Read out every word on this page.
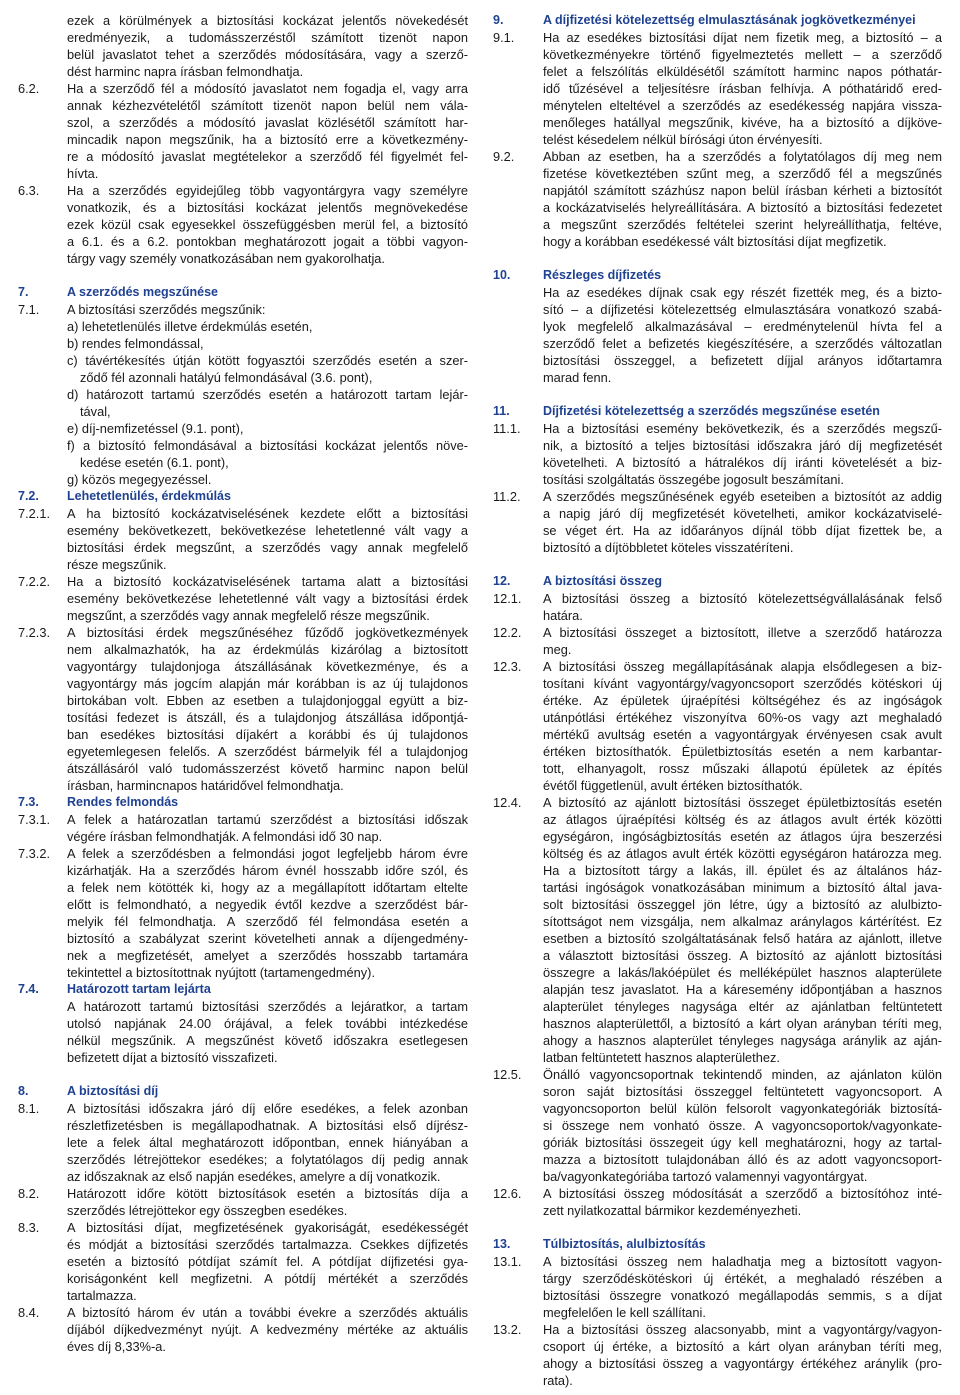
ezek a körülmények a biztosítási kockázat jelentős növekedését
eredményezik, a tudomásszerzéstől számított tizenöt napon
belül javaslatot tehet a szerződés módosítására, vagy a szerző-
dést harminc napra írásban felmondhatja.
6.2.	Ha a szerződő fél a módosító javaslatot nem fogadja el, vagy arra
annak kézhezvételétől számított tizenöt napon belül nem vála-
szol, a szerződés a módosító javaslat közlésétől számított har-
mincadik napon megszűnik, ha a biztosító erre a következmény-
re a módosító javaslat megtételekor a szerződő fél figyelmét fel-
hívta.
6.3.	Ha a szerződés egyidejűleg több vagyontárgyra vagy személyre
vonatkozik, és a biztosítási kockázat jelentős megnövekedése
ezek közül csak egyesekkel összefüggésben merül fel, a biztosító
a 6.1. és a 6.2. pontokban meghatározott jogait a többi vagyon-
tárgy vagy személy vonatkozásában nem gyakorolhatja.
7.	A szerződés megszűnése
7.1.	A biztosítási szerződés megszűnik:
a) lehetetlenülés illetve érdekmúlás esetén,
b) rendes felmondással,
c) távértékesítés útján kötött fogyasztói szerződés esetén a szer-
ződő fél azonnali hatályú felmondásával (3.6. pont),
d) határozott tartamú szerződés esetén a határozott tartam lejár-
tával,
e) díj-nemfizetéssel (9.1. pont),
f) a biztosító felmondásával a biztosítási kockázat jelentős növe-
kedése esetén (6.1. pont),
g) közös megegyezéssel.
7.2.	Lehetetlenülés, érdekmúlás
7.2.1.	A ha biztosító kockázatviselésének kezdete előtt a biztosítási
esemény bekövetkezett, bekövetkezése lehetetlenné vált vagy a
biztosítási érdek megszűnt, a szerződés vagy annak megfelelő
része megszűnik.
7.2.2.	Ha a biztosító kockázatviselésének tartama alatt a biztosítási
esemény bekövetkezése lehetetlenné vált vagy a biztosítási érdek
megszűnt, a szerződés vagy annak megfelelő része megszűnik.
7.2.3.	A biztosítási érdek megszűnéséhez fűződő jogkövetkezmények
nem alkalmazhatók, ha az érdekmúlás kizárólag a biztosított
vagyontárgy tulajdonjoga átszállásának következménye, és a
vagyontárgy más jogcím alapján már korábban is az új tulajdonos
birtokában volt. Ebben az esetben a tulajdonjoggal együtt a biz-
tosítási fedezet is átszáll, és a tulajdonjog átszállása időpontjá-
ban esedékes biztosítási díjakért a korábbi és új tulajdonos
egyetemlegesen felelős. A szerződést bármelyik fél a tulajdonjog
átszállásáról való tudomásszerzést követő harminc napon belül
írásban, harmincnapos határidővel felmondhatja.
7.3.	Rendes felmondás
7.3.1.	A felek a határozatlan tartamú szerződést a biztosítási időszak
végére írásban felmondhatják. A felmondási idő 30 nap.
7.3.2.	A felek a szerződésben a felmondási jogot legfeljebb három évre
kizárhatják. Ha a szerződés három évnél hosszabb időre szól, és
a felek nem kötötték ki, hogy az a megállapított időtartam eltelte
előtt is felmondható, a negyedik évtől kezdve a szerződést bár-
melyik fél felmondhatja. A szerződő fél felmondása esetén a
biztosító a szabályzat szerint követelheti annak a díjengedmény-
nek a megfizetését, amelyet a szerződés hosszabb tartamára
tekintettel a biztosítottnak nyújtott (tartamengedmény).
7.4.	Határozott tartam lejárta
A határozott tartamú biztosítási szerződés a lejáratkor, a tartam
utolsó napjának 24.00 órájával, a felek további intézkedése
nélkül megszűnik. A megszűnést követő időszakra esetlegesen
befizetett díjat a biztosító visszafizeti.
8.	A biztosítási díj
8.1.	A biztosítási időszakra járó díj előre esedékes, a felek azonban
részletfizetésben is megállapodhatnak. A biztosítási első díjrész-
lete a felek által meghatározott időpontban, ennek hiányában a
szerződés létrejöttekor esedékes; a folytatólagos díj pedig annak
az időszaknak az első napján esedékes, amelyre a díj vonatkozik.
8.2.	Határozott időre kötött biztosítások esetén a biztosítás díja a
szerződés létrejöttekor egy összegben esedékes.
8.3.	A biztosítási díjat, megfizetésének gyakoriságát, esedékességét
és módját a biztosítási szerződés tartalmazza. Csekkes díjfizetés
esetén a biztosító pótdíjat számít fel. A pótdíjat díjfizetési gya-
koriságonként kell megfizetni. A pótdíj mértékét a szerződés
tartalmazza.
8.4.	A biztosító három év után a további évekre a szerződés aktuális
díjából díjkedvezményt nyújt. A kedvezmény mértéke az aktuális
éves díj 8,33%-a.
9.	A díjfizetési kötelezettség elmulasztásának jogkövetkezményei
9.1.	Ha az esedékes biztosítási díjat nem fizetik meg, a biztosító – a
következményekre történő figyelmeztetés mellett – a szerződő
felet a felszólítás elküldésétől számított harminc napos póthatár-
idő tűzésével a teljesítésre írásban felhívja. A póthatáridő ered-
ménytelen elteltével a szerződés az esedékesség napjára vissza-
menőleges hatállyal megszűnik, kivéve, ha a biztosító a díjköve-
telést késedelem nélkül bírósági úton érvényesíti.
9.2.	Abban az esetben, ha a szerződés a folytatólagos díj meg nem
fizetése következtében szűnt meg, a szerződő fél a megszűnés
napjától számított százhúsz napon belül írásban kérheti a biztosítót
a kockázatviselés helyreállítására. A biztosító a biztosítási fedezetet
a megszűnt szerződés feltételei szerint helyreállíthatja, feltéve,
hogy a korábban esedékessé vált biztosítási díjat megfizetik.
10.	Részleges díjfizetés
Ha az esedékes díjnak csak egy részét fizették meg, és a bizto-
sító – a díjfizetési kötelezettség elmulasztására vonatkozó szabá-
lyok megfelelő alkalmazásával – eredménytelenül hívta fel a
szerződő felet a befizetés kiegészítésére, a szerződés változatlan
biztosítási összeggel, a befizetett díjjal arányos időtartamra
marad fenn.
11.	Díjfizetési kötelezettség a szerződés megszűnése esetén
11.1.	Ha a biztosítási esemény bekövetkezik, és a szerződés megszű-
nik, a biztosító a teljes biztosítási időszakra járó díj megfizetését
követelheti. A biztosító a hátralékos díj iránti követelését a biz-
tosítási szolgáltatás összegébe jogosult beszámítani.
11.2.	A szerződés megszűnésének egyéb eseteiben a biztosítót az addig
a napig járó díj megfizetését követelheti, amikor kockázatviselé-
se véget ért. Ha az időarányos díjnál több díjat fizettek be, a
biztosító a díjtöbbletet köteles visszatéríteni.
12.	A biztosítási összeg
12.1.	A biztosítási összeg a biztosító kötelezettségvállalásának felső
határa.
12.2.	A biztosítási összeget a biztosított, illetve a szerződő határozza
meg.
12.3.	A biztosítási összeg megállapításának alapja elsődlegesen a biz-
tosítani kívánt vagyontárgy/vagyoncsoport szerződés kötéskori új
értéke. Az épületek újraépítési költségéhez és az ingóságok
utánpótlási értékéhez viszonyítva 60%-os vagy azt meghaladó
mértékű avultság esetén a vagyontárgyak érvényesen csak avult
értéken biztosíthatók. Épületbiztosítás esetén a nem karbantar-
tott, elhanyagolt, rossz műszaki állapotú épületek az építés
évétől függetlenül, avult értéken biztosíthatók.
12.4.	A biztosító az ajánlott biztosítási összeget épületbiztosítás esetén
az átlagos újraépítési költség és az átlagos avult érték közötti
egységáron, ingóságbiztosítás esetén az átlagos újra beszerzési
költség és az átlagos avult érték közötti egységáron határozza meg.
Ha a biztosított tárgy a lakás, ill. épület és az általános ház-
tartási ingóságok vonatkozásában minimum a biztosító által java-
solt biztosítási összeggel jön létre, úgy a biztosító az alulbizto-
sítottságot nem vizsgálja, nem alkalmaz aránylagos kártérítést. Ez
esetben a biztosító szolgáltatásának felső határa az ajánlott, illetve
a választott biztosítási összeg. A biztosító az ajánlott biztosítási
összegre a lakás/lakóépület és melléképület hasznos alapterülete
alapján tesz javaslatot. Ha a káresemény időpontjában a hasznos
alapterület tényleges nagysága eltér az ajánlatban feltüntetett
hasznos alapterülettől, a biztosító a kárt olyan arányban téríti meg,
ahogy a hasznos alapterület tényleges nagysága aránylik az aján-
latban feltüntetett hasznos alapterülethez.
12.5.	Önálló vagyoncsoportnak tekintendő minden, az ajánlaton külön
soron saját biztosítási összeggel feltüntetett vagyoncsoport. A
vagyoncsoporton belül külön felsorolt vagyonkategóriák biztosítá-
si összege nem vonható össze. A vagyoncsoportok/vagyonkate-
góriák biztosítási összegeit úgy kell meghatározni, hogy az tartal-
mazza a biztosított tulajdonában álló és az adott vagyoncsoport-
ba/vagyonkategóriába tartozó valamennyi vagyontárgyat.
12.6.	A biztosítási összeg módosítását a szerződő a biztosítóhoz inté-
zett nyilatkozattal bármikor kezdeményezheti.
13.	Túlbiztosítás, alulbiztosítás
13.1.	A biztosítási összeg nem haladhatja meg a biztosított vagyon-
tárgy szerződéskötéskori új értékét, a meghaladó részében a
biztosítási összegre vonatkozó megállapodás semmis, s a díjat
megfelelően le kell szállítani.
13.2.	Ha a biztosítási összeg alacsonyabb, mint a vagyontárgy/vagyon-
csoport új értéke, a biztosító a kárt olyan arányban téríti meg,
ahogy a biztosítási összeg a vagyontárgy értékéhez aránylik (pro-
rata).
